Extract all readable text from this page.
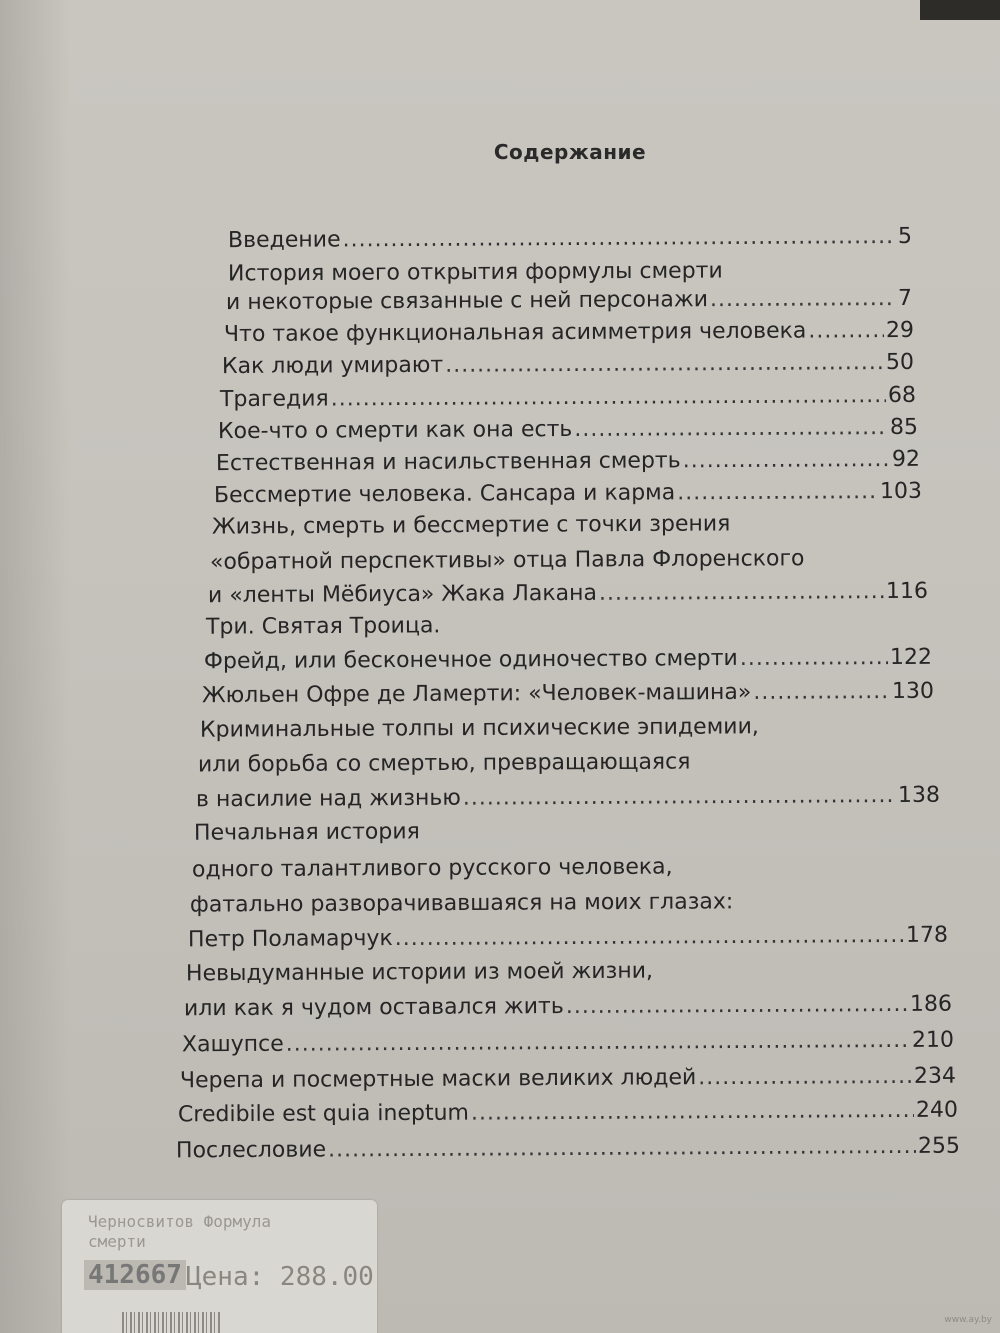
Содержание
Введение .....	5
История моего открытия формулы смерти
и некоторые связанные с ней персонажи .....	7
Что такое функциональная асимметрия человека .....	29
Как люди умирают .....	50
Трагедия .....	68
Кое-что о смерти как она есть .....	85
Естественная и насильственная смерть .....	92
Бессмертие человека. Сансара и карма .....	103
Жизнь, смерть и бессмертие с точки зрения
«обратной перспективы» отца Павла Флоренского
и «ленты Мёбиуса» Жака Лакана .....	116
Три. Святая Троица.
Фрейд, или бесконечное одиночество смерти .....	122
Жюльен Офре де Ламерти: «Человек-машина» .....	130
Криминальные толпы и психические эпидемии,
или борьба со смертью, превращающаяся
в насилие над жизнью .....	138
Печальная история
одного талантливого русского человека,
фатально разворачивавшаяся на моих глазах:
Петр Поламарчук .....	178
Невыдуманные истории из моей жизни,
или как я чудом оставался жить .....	186
Хашупсе .....	210
Черепа и посмертные маски великих людей .....	234
Credibile est quia ineptum .....	240
Послесловие .....	255
Черносвитов Формула
смерти
412667 Цена: 288.00
www.ay.by
